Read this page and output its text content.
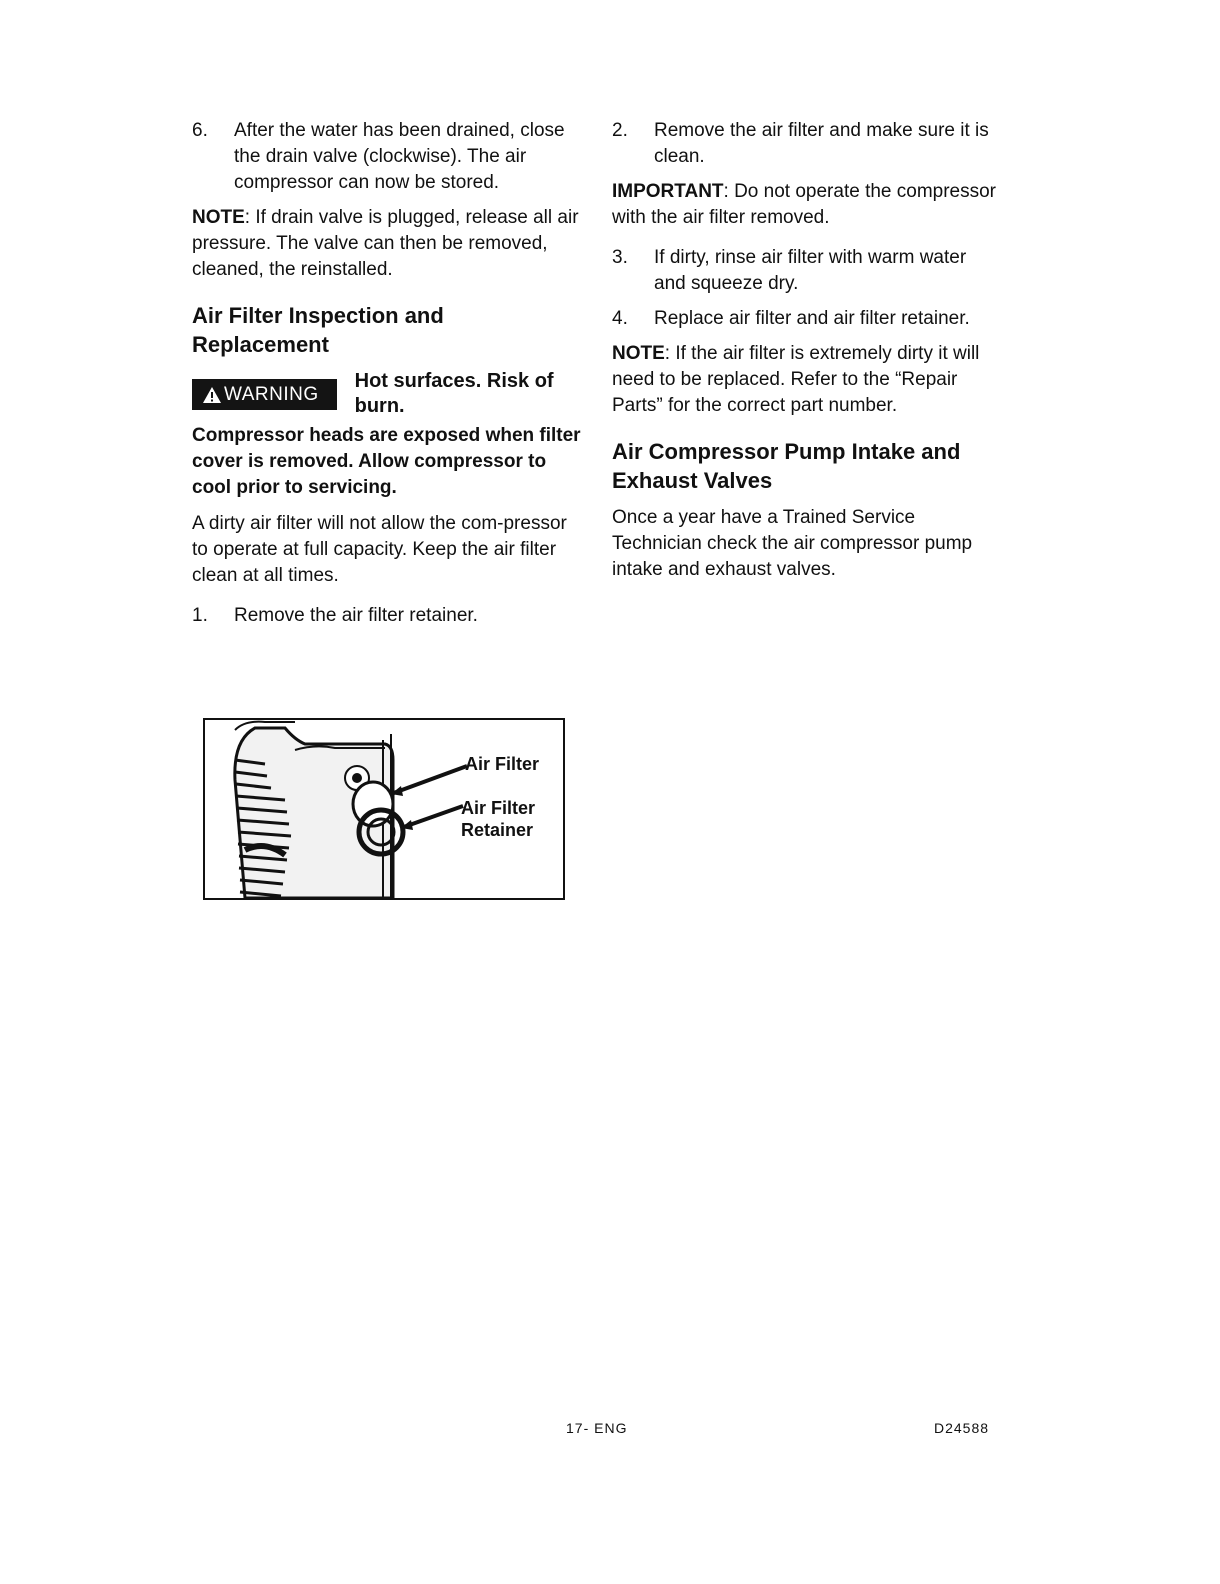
6.	After the water has been drained, close the drain valve (clockwise). The air compressor can now be stored.

NOTE: If drain valve is plugged, release all air pressure. The valve can then be removed, cleaned, the reinstalled.

Air Filter Inspection and Replacement
WARNING
Hot surfaces. Risk of burn.

Compressor heads are exposed when filter cover is removed. Allow compressor to cool prior to servicing.

A dirty air filter will not allow the com-pressor to operate at full capacity. Keep the air filter clean at all times.

1.	Remove the air filter retainer.

Air Filter
Air Filter
Retainer

2.	Remove the air filter and make sure it is clean.

IMPORTANT: Do not operate the compressor with the air filter removed.

3.	If dirty, rinse air filter with warm water and squeeze dry.

4.	Replace air filter and air filter retainer.

NOTE: If the air filter is extremely dirty it will need to be replaced. Refer to the “Repair Parts” for the correct part number.

Air Compressor Pump Intake and Exhaust Valves

Once a year have a Trained Service Technician check the air compressor pump intake and exhaust valves.

17- ENG	D24588
